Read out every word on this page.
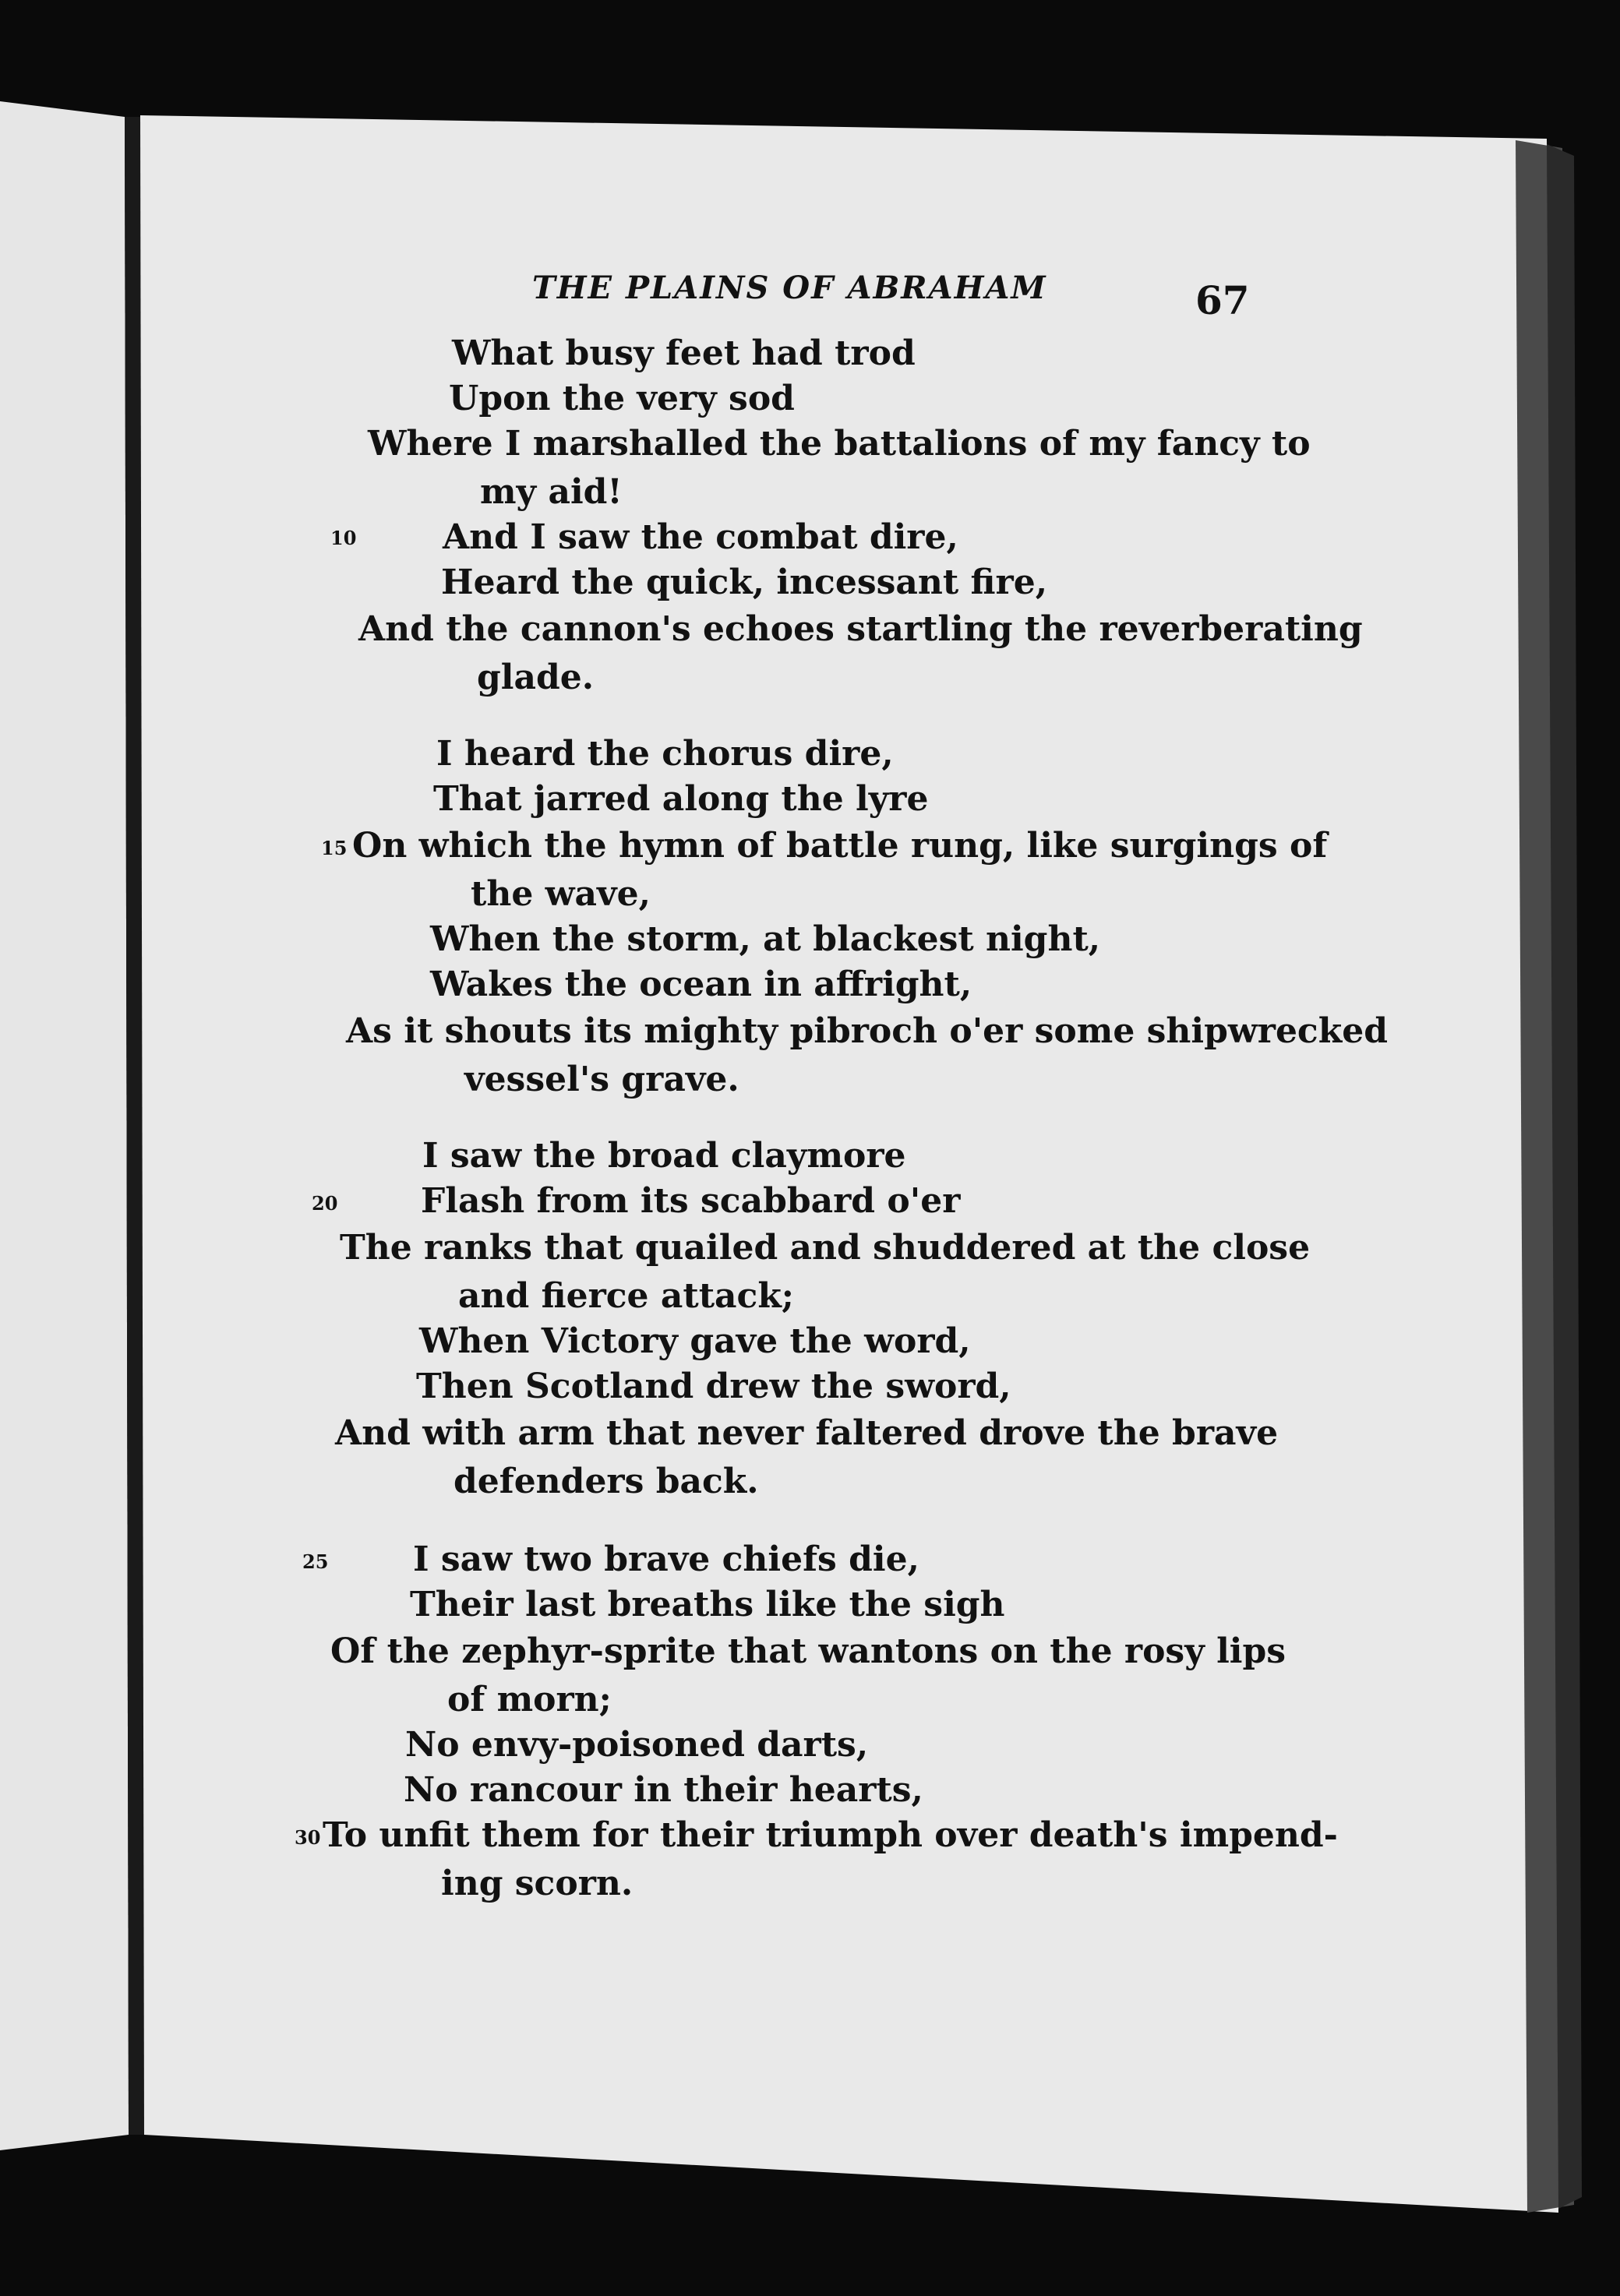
THE PLAINS OF ABRAHAM	67

What busy feet had trod

Upon the very sod

Where I marshalled the battalions of my fancy to

my aid!

10	And I saw the combat dire,

Heard the quick, incessant fire,

And the cannon's echoes startling the reverberating

glade.

I heard the chorus dire,

That jarred along the lyre

15 On which the hymn of battle rung, like surgings of

the wave,

When the storm, at blackest night,

Wakes the ocean in affright,

As it shouts its mighty pibroch o'er some shipwrecked

vessel's grave.

I saw the broad claymore

20 Flash from its scabbard o'er

The ranks that quailed and shuddered at the close

and fierce attack;

When Victory gave the word,

Then Scotland drew the sword,

And with arm that never faltered drove the brave

defenders back.

25 I saw two brave chiefs die,

Their last breaths like the sigh

Of the zephyr-sprite that wantons on the rosy lips

of morn;

No envy-poisoned darts,

No rancour in their hearts,

30 To unfit them for their triumph over death's impend-

ing scorn.
